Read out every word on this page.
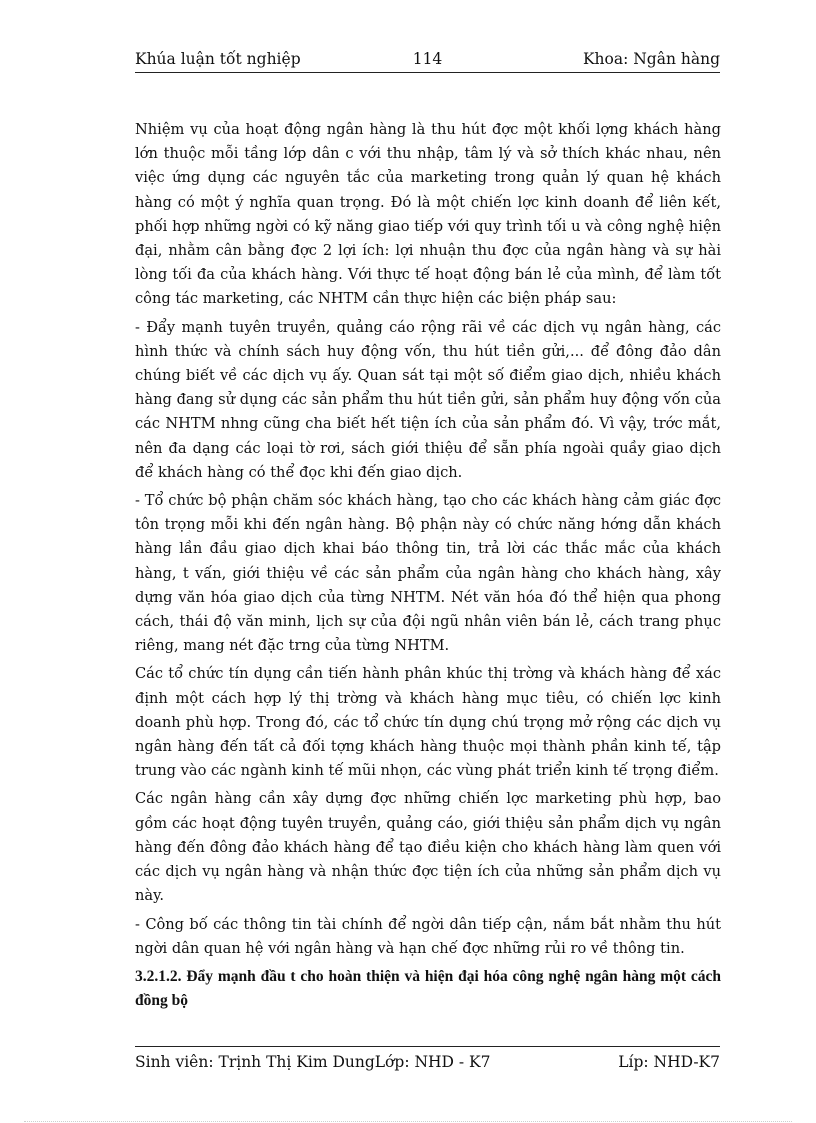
Khúa luận tốt nghiệp	114	Khoa: Ngân hàng

Nhiệm vụ của hoạt động ngân hàng là thu hút đợc một khối lợng khách hàng lớn thuộc mỗi tầng lớp dân c với thu nhập, tâm lý và sở thích khác nhau, nên việc ứng dụng các nguyên tắc của marketing trong quản lý quan hệ khách hàng có một ý nghĩa quan trọng. Đó là một chiến lợc kinh doanh để liên kết, phối hợp những ngời có kỹ năng giao tiếp với quy trình tối u và công nghệ hiện đại, nhằm cân bằng đợc 2 lợi ích: lợi nhuận thu đợc của ngân hàng và sự hài lòng tối đa của khách hàng. Với thực tế hoạt động bán lẻ của mình, để làm tốt công tác marketing, các NHTM cần thực hiện các biện pháp sau:

- Đẩy mạnh tuyên truyền, quảng cáo rộng rãi về các dịch vụ ngân hàng, các hình thức và chính sách huy động vốn, thu hút tiền gửi,... để đông đảo dân chúng biết về các dịch vụ ấy. Quan sát tại một số điểm giao dịch, nhiều khách hàng đang sử dụng các sản phẩm thu hút tiền gửi, sản phẩm huy động vốn của các NHTM nhng cũng cha biết hết tiện ích của sản phẩm đó. Vì vậy, trớc mắt, nên đa dạng các loại tờ rơi, sách giới thiệu để sẵn phía ngoài quầy giao dịch để khách hàng có thể đọc khi đến giao dịch.

- Tổ chức bộ phận chăm sóc khách hàng, tạo cho các khách hàng cảm giác đợc tôn trọng mỗi khi đến ngân hàng. Bộ phận này có chức năng hớng dẫn khách hàng lần đầu giao dịch khai báo thông tin, trả lời các thắc mắc của khách hàng, t vấn, giới thiệu về các sản phẩm của ngân hàng cho khách hàng, xây dựng văn hóa giao dịch của từng NHTM. Nét văn hóa đó thể hiện qua phong cách, thái độ văn minh, lịch sự của đội ngũ nhân viên bán lẻ, cách trang phục riêng, mang nét đặc trng của từng NHTM.

Các tổ chức tín dụng cần tiến hành phân khúc thị trờng và khách hàng để xác định một cách hợp lý thị trờng và khách hàng mục tiêu, có chiến lợc kinh doanh phù hợp. Trong đó, các tổ chức tín dụng chú trọng mở rộng các dịch vụ ngân hàng đến tất cả đối tợng khách hàng thuộc mọi thành phần kinh tế, tập trung vào các ngành kinh tế mũi nhọn, các vùng phát triển kinh tế trọng điểm.

Các ngân hàng cần xây dựng đợc những chiến lợc marketing phù hợp, bao gồm các hoạt động tuyên truyền, quảng cáo, giới thiệu sản phẩm dịch vụ ngân hàng đến đông đảo khách hàng để tạo điều kiện cho khách hàng làm quen với các dịch vụ ngân hàng và nhận thức đợc tiện ích của những sản phẩm dịch vụ này.

- Công bố các thông tin tài chính để ngời dân tiếp cận, nắm bắt nhằm thu hút ngời dân quan hệ với ngân hàng và hạn chế đợc những rủi ro về thông tin.

3.2.1.2. Đẩy mạnh đầu t cho hoàn thiện và hiện đại hóa công nghệ ngân hàng một cách đồng bộ

Sinh viên: Trịnh Thị Kim DungLớp: NHD - K7	Líp: NHD-K7
